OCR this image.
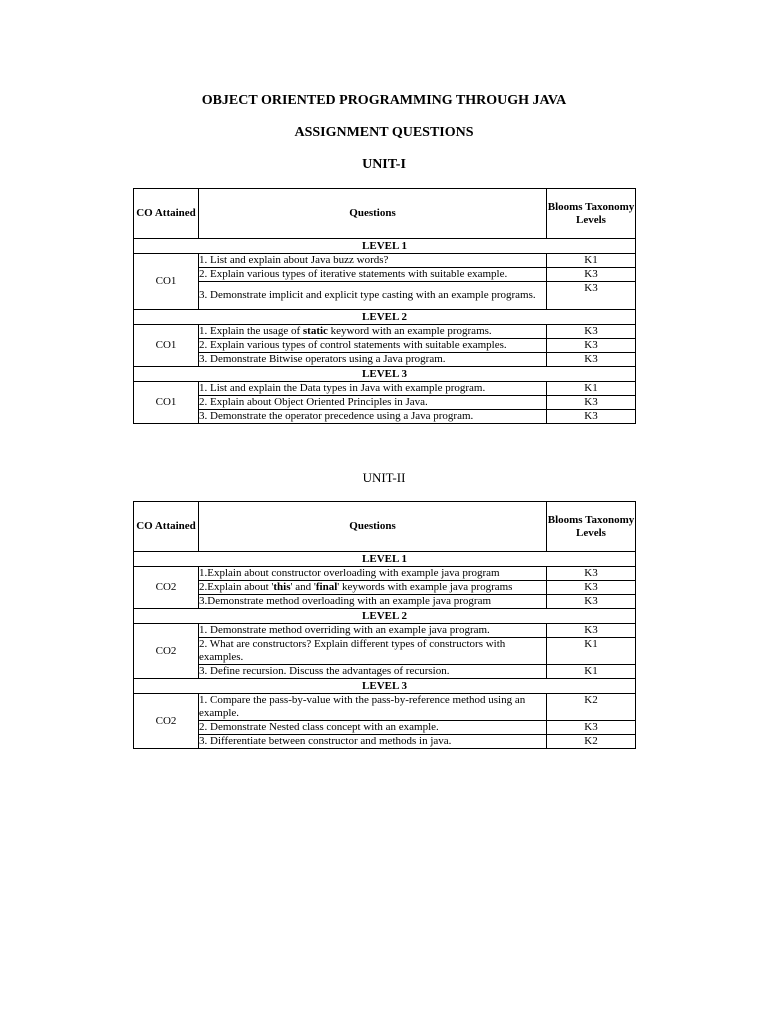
OBJECT ORIENTED PROGRAMMING THROUGH JAVA
ASSIGNMENT QUESTIONS
UNIT-I
CO Attained	Questions	Blooms Taxonomy Levels
LEVEL 1		
CO1	1. List and explain about Java buzz words?	K1
	2. Explain various types of iterative statements with suitable example.	K3
	3. Demonstrate implicit and explicit type casting with an example programs.	K3
LEVEL 2		
CO1	1. Explain the usage of static keyword with an example programs.	K3
	2. Explain various types of control statements with suitable examples.	K3
	3. Demonstrate Bitwise operators using a Java program.	K3
LEVEL 3		
CO1	1. List and explain the Data types in Java with example program.	K1
	2. Explain about Object Oriented Principles in Java.	K3
	3. Demonstrate the operator precedence using a Java program.	K3
UNIT-II
CO Attained	Questions	Blooms Taxonomy Levels
LEVEL 1		
CO2	1.Explain about constructor overloading with example java program	K3
	2.Explain about 'this' and 'final' keywords with example java programs	K3
	3.Demonstrate method overloading with an example java program	K3
LEVEL 2		
CO2	1. Demonstrate method overriding with an example java program.	K3
	2. What are constructors? Explain different types of constructors with examples.	K1
	3. Define recursion. Discuss the advantages of recursion.	K1
LEVEL 3		
CO2	1. Compare the pass-by-value with the pass-by-reference method using an example.	K2
	2. Demonstrate Nested class concept with an example.	K3
	3. Differentiate between constructor and methods in java.	K2
